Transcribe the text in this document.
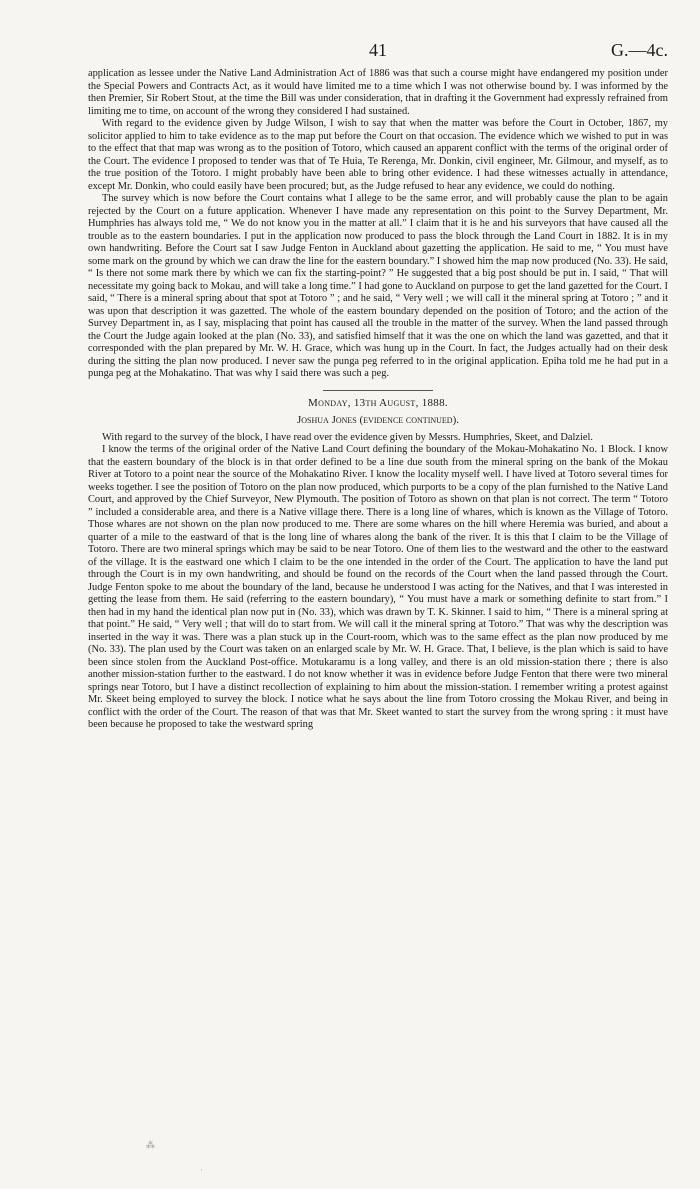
41	G.—4c.

application as lessee under the Native Land Administration Act of 1886 was that such a course might have endangered my position under the Special Powers and Contracts Act, as it would have limited me to a time which I was not otherwise bound by. I was informed by the then Premier, Sir Robert Stout, at the time the Bill was under consideration, that in drafting it the Government had expressly refrained from limiting me to time, on account of the wrong they considered I had sustained.

With regard to the evidence given by Judge Wilson, I wish to say that when the matter was before the Court in October, 1867, my solicitor applied to him to take evidence as to the map put before the Court on that occasion. The evidence which we wished to put in was to the effect that that map was wrong as to the position of Totoro, which caused an apparent conflict with the terms of the original order of the Court. The evidence I proposed to tender was that of Te Huia, Te Rerenga, Mr. Donkin, civil engineer, Mr. Gilmour, and myself, as to the true position of the Totoro. I might probably have been able to bring other evidence. I had these witnesses actually in attendance, except Mr. Donkin, who could easily have been procured; but, as the Judge refused to hear any evidence, we could do nothing.

The survey which is now before the Court contains what I allege to be the same error, and will probably cause the plan to be again rejected by the Court on a future application. Whenever I have made any representation on this point to the Survey Department, Mr. Humphries has always told me, “ We do not know you in the matter at all.” I claim that it is he and his surveyors that have caused all the trouble as to the eastern boundaries. I put in the application now produced to pass the block through the Land Court in 1882. It is in my own handwriting. Before the Court sat I saw Judge Fenton in Auckland about gazetting the application. He said to me, “ You must have some mark on the ground by which we can draw the line for the eastern boundary.” I showed him the map now produced (No. 33). He said, “ Is there not some mark there by which we can fix the starting-point? ” He suggested that a big post should be put in. I said, “ That will necessitate my going back to Mokau, and will take a long time.” I had gone to Auckland on purpose to get the land gazetted for the Court. I said, “ There is a mineral spring about that spot at Totoro ” ; and he said, “ Very well ; we will call it the mineral spring at Totoro ; ” and it was upon that description it was gazetted. The whole of the eastern boundary depended on the position of Totoro; and the action of the Survey Department in, as I say, misplacing that point has caused all the trouble in the matter of the survey. When the land passed through the Court the Judge again looked at the plan (No. 33), and satisfied himself that it was the one on which the land was gazetted, and that it corresponded with the plan prepared by Mr. W. H. Grace, which was hung up in the Court. In fact, the Judges actually had on their desk during the sitting the plan now produced. I never saw the punga peg referred to in the original application. Epiha told me he had put in a punga peg at the Mohakatino. That was why I said there was such a peg.

Monday, 13th August, 1888.
Joshua Jones (evidence continued).

With regard to the survey of the block, I have read over the evidence given by Messrs. Humphries, Skeet, and Dalziel.

I know the terms of the original order of the Native Land Court defining the boundary of the Mokau-Mohakatino No. 1 Block. I know that the eastern boundary of the block is in that order defined to be a line due south from the mineral spring on the bank of the Mokau River at Totoro to a point near the source of the Mohakatino River. I know the locality myself well. I have lived at Totoro several times for weeks together. I see the position of Totoro on the plan now produced, which purports to be a copy of the plan furnished to the Native Land Court, and approved by the Chief Surveyor, New Plymouth. The position of Totoro as shown on that plan is not correct. The term “ Totoro ” included a considerable area, and there is a Native village there. There is a long line of whares, which is known as the Village of Totoro. Those whares are not shown on the plan now produced to me. There are some whares on the hill where Heremia was buried, and about a quarter of a mile to the eastward of that is the long line of whares along the bank of the river. It is this that I claim to be the Village of Totoro. There are two mineral springs which may be said to be near Totoro. One of them lies to the westward and the other to the eastward of the village. It is the eastward one which I claim to be the one intended in the order of the Court. The application to have the land put through the Court is in my own handwriting, and should be found on the records of the Court when the land passed through the Court. Judge Fenton spoke to me about the boundary of the land, because he understood I was acting for the Natives, and that I was interested in getting the lease from them. He said (referring to the eastern boundary), “ You must have a mark or something definite to start from.” I then had in my hand the identical plan now put in (No. 33), which was drawn by T. K. Skinner. I said to him, “ There is a mineral spring at that point.” He said, “ Very well ; that will do to start from. We will call it the mineral spring at Totoro.” That was why the description was inserted in the way it was. There was a plan stuck up in the Court-room, which was to the same effect as the plan now produced by me (No. 33). The plan used by the Court was taken on an enlarged scale by Mr. W. H. Grace. That, I believe, is the plan which is said to have been since stolen from the Auckland Post-office. Motukaramu is a long valley, and there is an old mission-station there ; there is also another mission-station further to the eastward. I do not know whether it was in evidence before Judge Fenton that there were two mineral springs near Totoro, but I have a distinct recollection of explaining to him about the mission-station. I remember writing a protest against Mr. Skeet being employed to survey the block. I notice what he says about the line from Totoro crossing the Mokau River, and being in conflict with the order of the Court. The reason of that was that Mr. Skeet wanted to start the survey from the wrong spring : it must have been because he proposed to take the westward spring

⁂
·
